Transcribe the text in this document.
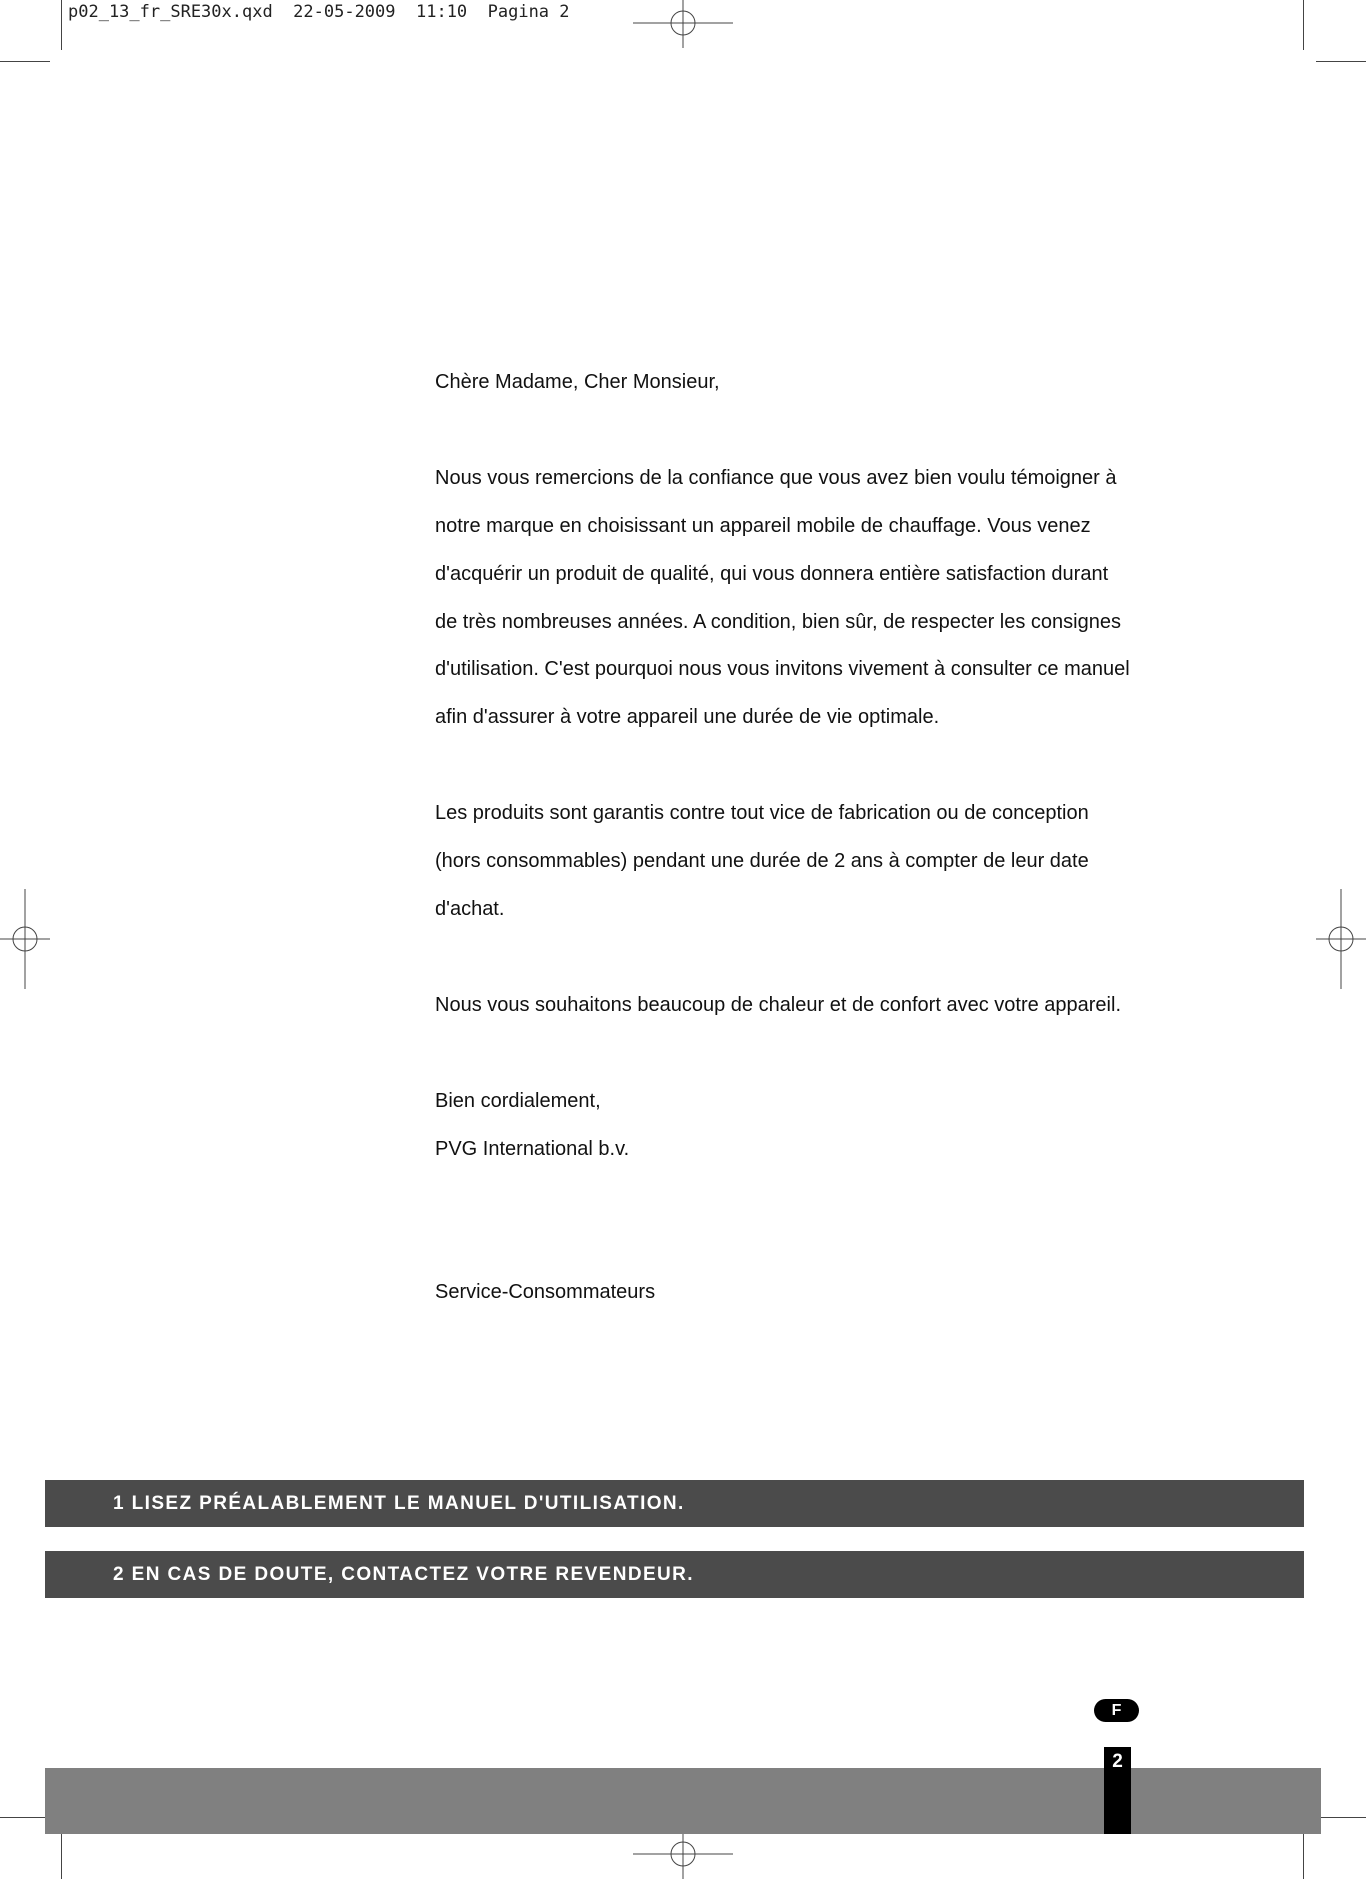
p02_13_fr_SRE30x.qxd  22-05-2009  11:10  Pagina 2
Chère Madame, Cher Monsieur,
Nous vous remercions de la confiance que vous avez bien voulu témoigner à
notre marque en choisissant un appareil mobile de chauffage. Vous venez
d'acquérir un produit de qualité, qui vous donnera entière satisfaction durant
de très nombreuses années. A condition, bien sûr, de respecter les consignes
d'utilisation. C'est pourquoi nous vous invitons vivement à consulter ce manuel
afin d'assurer à votre appareil une durée de vie optimale.
Les produits sont garantis contre tout vice de fabrication ou de conception
(hors consommables) pendant une durée de 2 ans à compter de leur date
d'achat.
Nous vous souhaitons beaucoup de chaleur et de confort avec votre appareil.
Bien cordialement,
PVG International b.v.
Service-Consommateurs
1 LISEZ PRÉALABLEMENT LE MANUEL D'UTILISATION.
2 EN CAS DE DOUTE, CONTACTEZ VOTRE REVENDEUR.
F
2
